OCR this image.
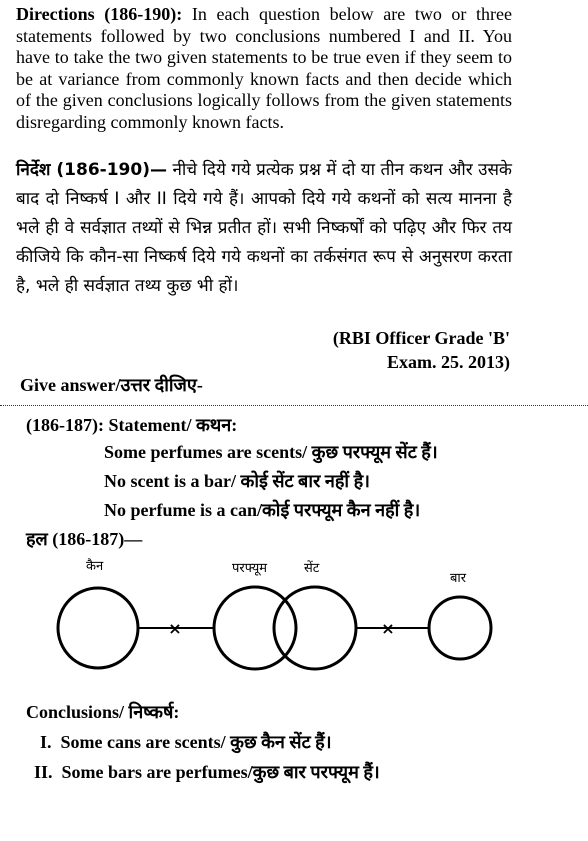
Directions (186-190): In each question below are two or three statements followed by two conclusions numbered I and II. You have to take the two given statements to be true even if they seem to be at variance from commonly known facts and then decide which of the given conclusions logically follows from the given statements disregarding commonly known facts.

निर्देश (186-190)— नीचे दिये गये प्रत्येक प्रश्न में दो या तीन कथन और उसके बाद दो निष्कर्ष I और II दिये गये हैं। आपको दिये गये कथनों को सत्य मानना है भले ही वे सर्वज्ञात तथ्यों से भिन्न प्रतीत हों। सभी निष्कर्षों को पढ़िए और फिर तय कीजिये कि कौन-सा निष्कर्ष दिये गये कथनों का तर्कसंगत रूप से अनुसरण करता है, भले ही सर्वज्ञात तथ्य कुछ भी हों।

(RBI Officer Grade 'B'
Exam. 25. 2013)
Give answer/उत्तर दीजिए-
(186-187): Statement/ कथन:
Some perfumes are scents/ कुछ परफ्यूम सेंट हैं।
No scent is a bar/ कोई सेंट बार नहीं है।
No perfume is a can/कोई परफ्यूम कैन नहीं है।
हल (186-187)—
कैन	परफ्यूम	सेंट
बार
×	×
Conclusions/ निष्कर्ष:
I. Some cans are scents/ कुछ कैन सेंट हैं।
II. Some bars are perfumes/कुछ बार परफ्यूम हैं।
